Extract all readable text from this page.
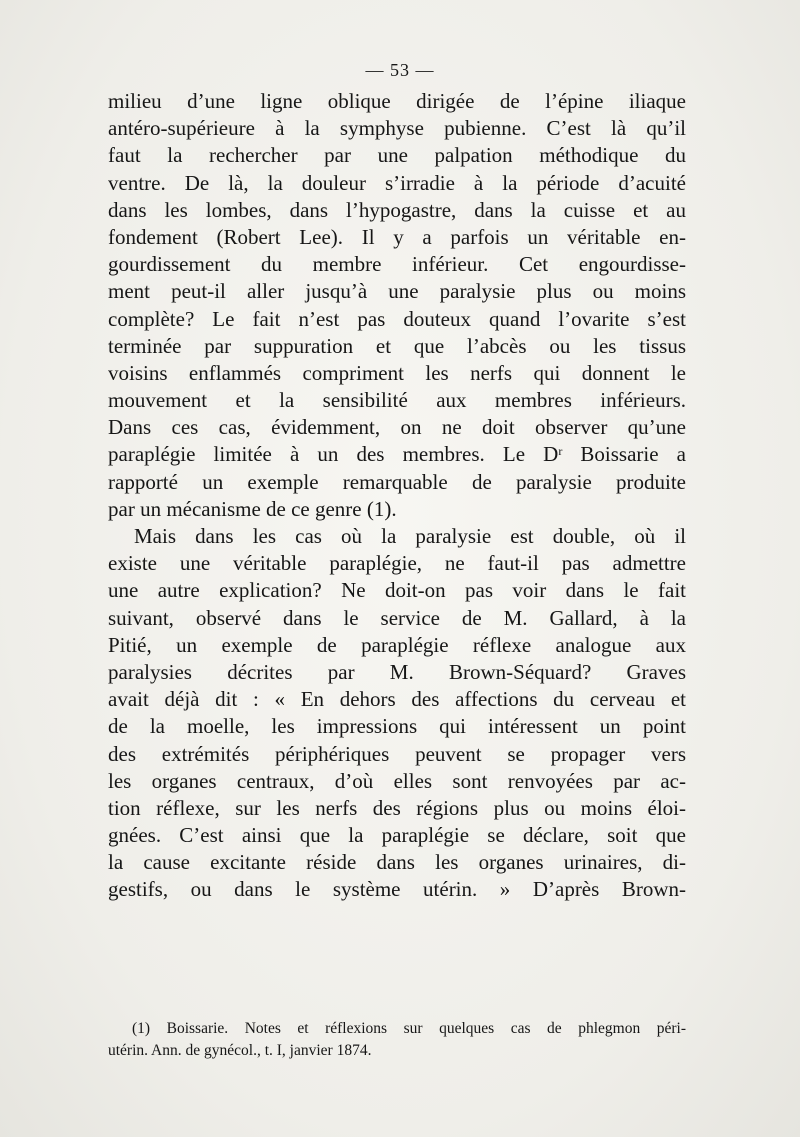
— 53 —
milieu d’une ligne oblique dirigée de l’épine iliaque
antéro-supérieure à la symphyse pubienne. C’est là qu’il
faut la rechercher par une palpation méthodique du
ventre. De là, la douleur s’irradie à la période d’acuité
dans les lombes, dans l’hypogastre, dans la cuisse et au
fondement (Robert Lee). Il y a parfois un véritable en-
gourdissement du membre inférieur. Cet engourdisse-
ment peut-il aller jusqu’à une paralysie plus ou moins
complète? Le fait n’est pas douteux quand l’ovarite s’est
terminée par suppuration et que l’abcès ou les tissus
voisins enflammés compriment les nerfs qui donnent le
mouvement et la sensibilité aux membres inférieurs.
Dans ces cas, évidemment, on ne doit observer qu’une
paraplégie limitée à un des membres. Le $D^r$ Boissarie a
rapporté un exemple remarquable de paralysie produite
par un mécanisme de ce genre (1).
Mais dans les cas où la paralysie est double, où il
existe une véritable paraplégie, ne faut-il pas admettre
une autre explication? Ne doit-on pas voir dans le fait
suivant, observé dans le service de M. Gallard, à la
Pitié, un exemple de paraplégie réflexe analogue aux
paralysies décrites par M. Brown-Séquard? Graves
avait déjà dit : « En dehors des affections du cerveau et
de la moelle, les impressions qui intéressent un point
des extrémités périphériques peuvent se propager vers
les organes centraux, d’où elles sont renvoyées par ac-
tion réflexe, sur les nerfs des régions plus ou moins éloi-
gnées. C’est ainsi que la paraplégie se déclare, soit que
la cause excitante réside dans les organes urinaires, di-
gestifs, ou dans le système utérin. » D’après Brown-
(1) Boissarie. Notes et réflexions sur quelques cas de phlegmon péri-
utérin. Ann. de gynécol., t. I, janvier 1874.
